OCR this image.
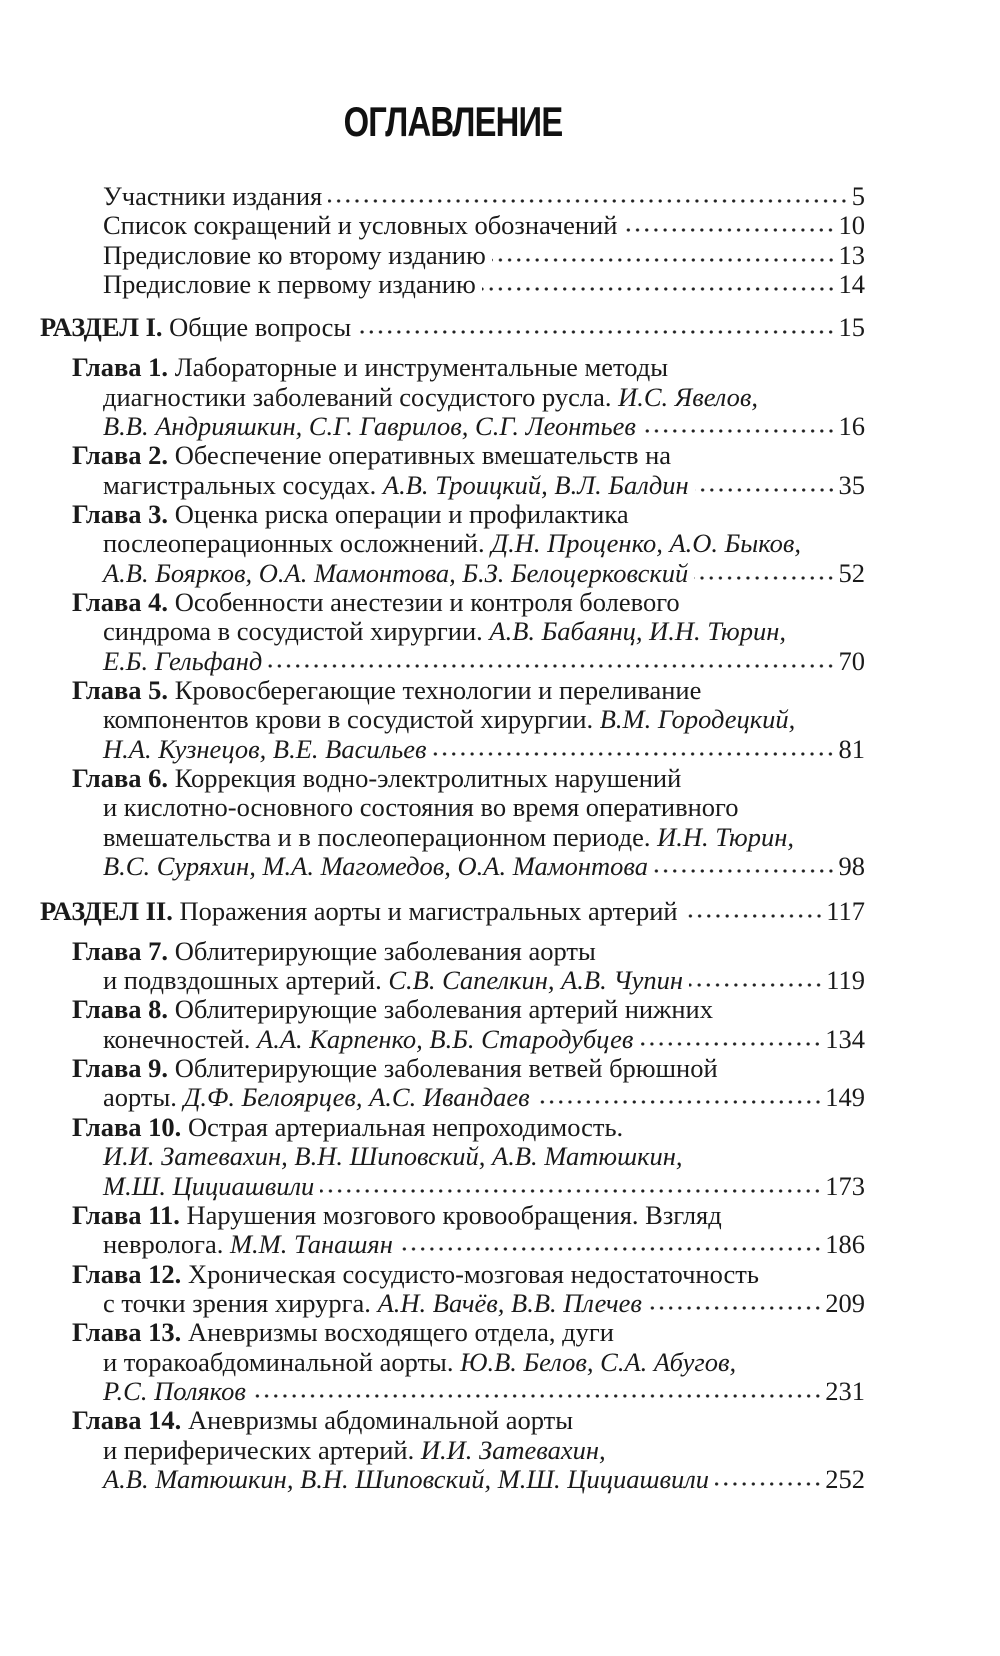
ОГЛАВЛЕНИЕ
Участники издания	5
Список сокращений и условных обозначений	10
Предисловие ко второму изданию	13
Предисловие к первому изданию	14
РАЗДЕЛ I. Общие вопросы	15
Глава 1. Лабораторные и инструментальные методы
диагностики заболеваний сосудистого русла. И.С. Явелов,
В.В. Андрияшкин, С.Г. Гаврилов, С.Г. Леонтьев	16
Глава 2. Обеспечение оперативных вмешательств на
магистральных сосудах. А.В. Троицкий, В.Л. Балдин	35
Глава 3. Оценка риска операции и профилактика
послеоперационных осложнений. Д.Н. Проценко, А.О. Быков,
А.В. Боярков, О.А. Мамонтова, Б.З. Белоцерковский	52
Глава 4. Особенности анестезии и контроля болевого
синдрома в сосудистой хирургии. А.В. Бабаянц, И.Н. Тюрин,
Е.Б. Гельфанд	70
Глава 5. Кровосберегающие технологии и переливание
компонентов крови в сосудистой хирургии. В.М. Городецкий,
Н.А. Кузнецов, В.Е. Васильев	81
Глава 6. Коррекция водно-электролитных нарушений
и кислотно-основного состояния во время оперативного
вмешательства и в послеоперационном периоде. И.Н. Тюрин,
В.С. Суряхин, М.А. Магомедов, О.А. Мамонтова	98
РАЗДЕЛ II. Поражения аорты и магистральных артерий	117
Глава 7. Облитерирующие заболевания аорты
и подвздошных артерий. С.В. Сапелкин, А.В. Чупин	119
Глава 8. Облитерирующие заболевания артерий нижних
конечностей. А.А. Карпенко, В.Б. Стародубцев	134
Глава 9. Облитерирующие заболевания ветвей брюшной
аорты. Д.Ф. Белоярцев, А.С. Ивандаев	149
Глава 10. Острая артериальная непроходимость.
И.И. Затевахин, В.Н. Шиповский, А.В. Матюшкин,
М.Ш. Цициашвили	173
Глава 11. Нарушения мозгового кровообращения. Взгляд
невролога. М.М. Танашян	186
Глава 12. Хроническая сосудисто-мозговая недостаточность
с точки зрения хирурга. А.Н. Вачёв, В.В. Плечев	209
Глава 13. Аневризмы восходящего отдела, дуги
и торакоабдоминальной аорты. Ю.В. Белов, С.А. Абугов,
Р.С. Поляков	231
Глава 14. Аневризмы абдоминальной аорты
и периферических артерий. И.И. Затевахин,
А.В. Матюшкин, В.Н. Шиповский, М.Ш. Цициашвили	252
